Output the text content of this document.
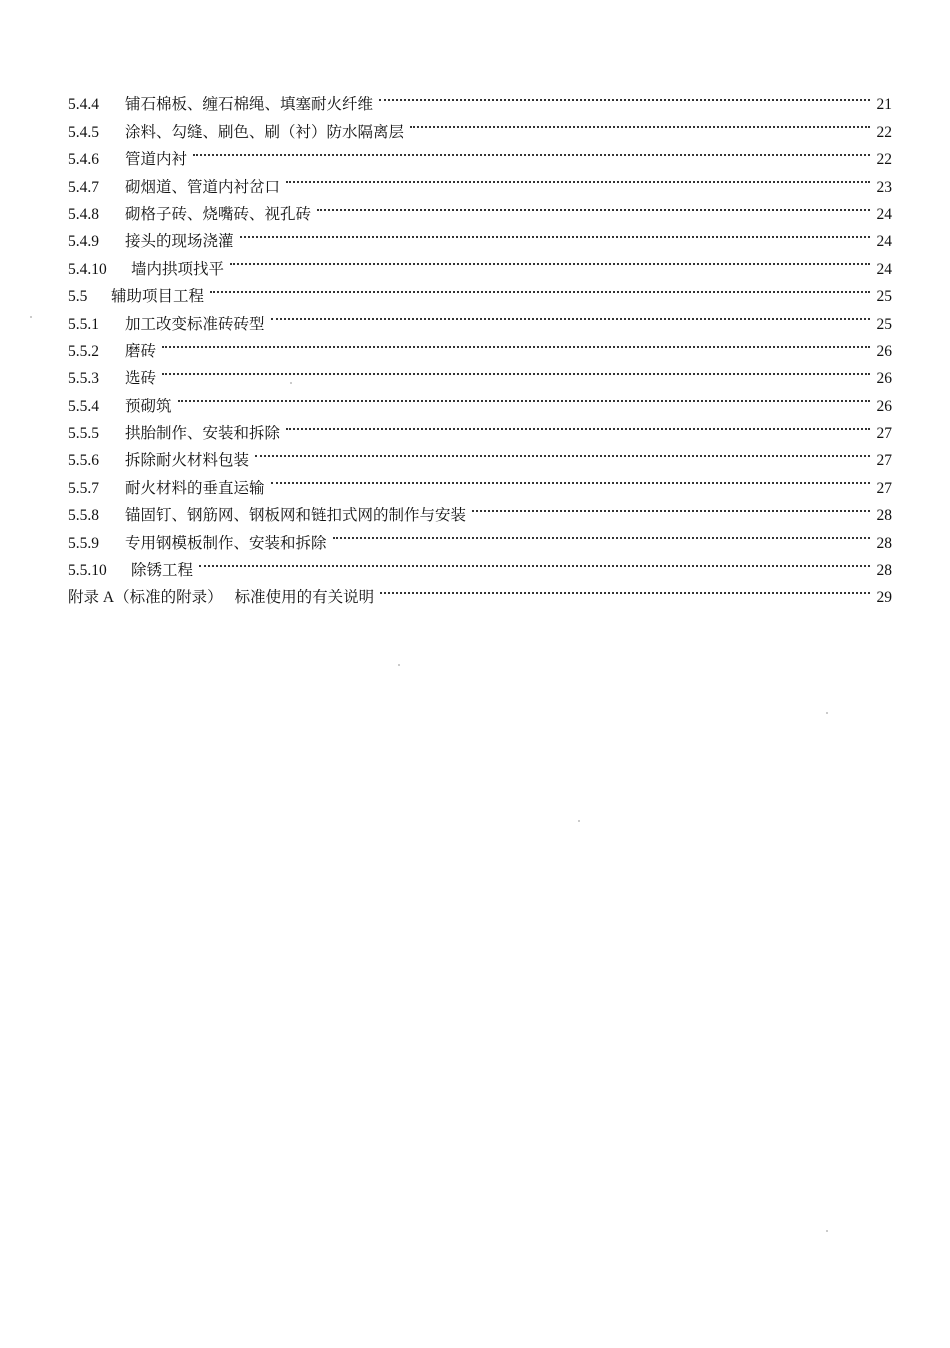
5.4.4	铺石棉板、缠石棉绳、填塞耐火纤维	21
5.4.5	涂料、勾缝、刷色、刷（衬）防水隔离层	22
5.4.6	管道内衬	22
5.4.7	砌烟道、管道内衬岔口	23
5.4.8	砌格子砖、烧嘴砖、视孔砖	24
5.4.9	接头的现场浇灌	24
5.4.10	墙内拱项找平	24
5.5	辅助项目工程	25
5.5.1	加工改变标准砖砖型	25
5.5.2	磨砖	26
5.5.3	选砖	26
5.5.4	预砌筑	26
5.5.5	拱胎制作、安装和拆除	27
5.5.6	拆除耐火材料包装	27
5.5.7	耐火材料的垂直运输	27
5.5.8	锚固钉、钢筋网、钢板网和链扣式网的制作与安装	28
5.5.9	专用钢模板制作、安装和拆除	28
5.5.10	除锈工程	28
附录 A（标准的附录） 标准使用的有关说明	29
